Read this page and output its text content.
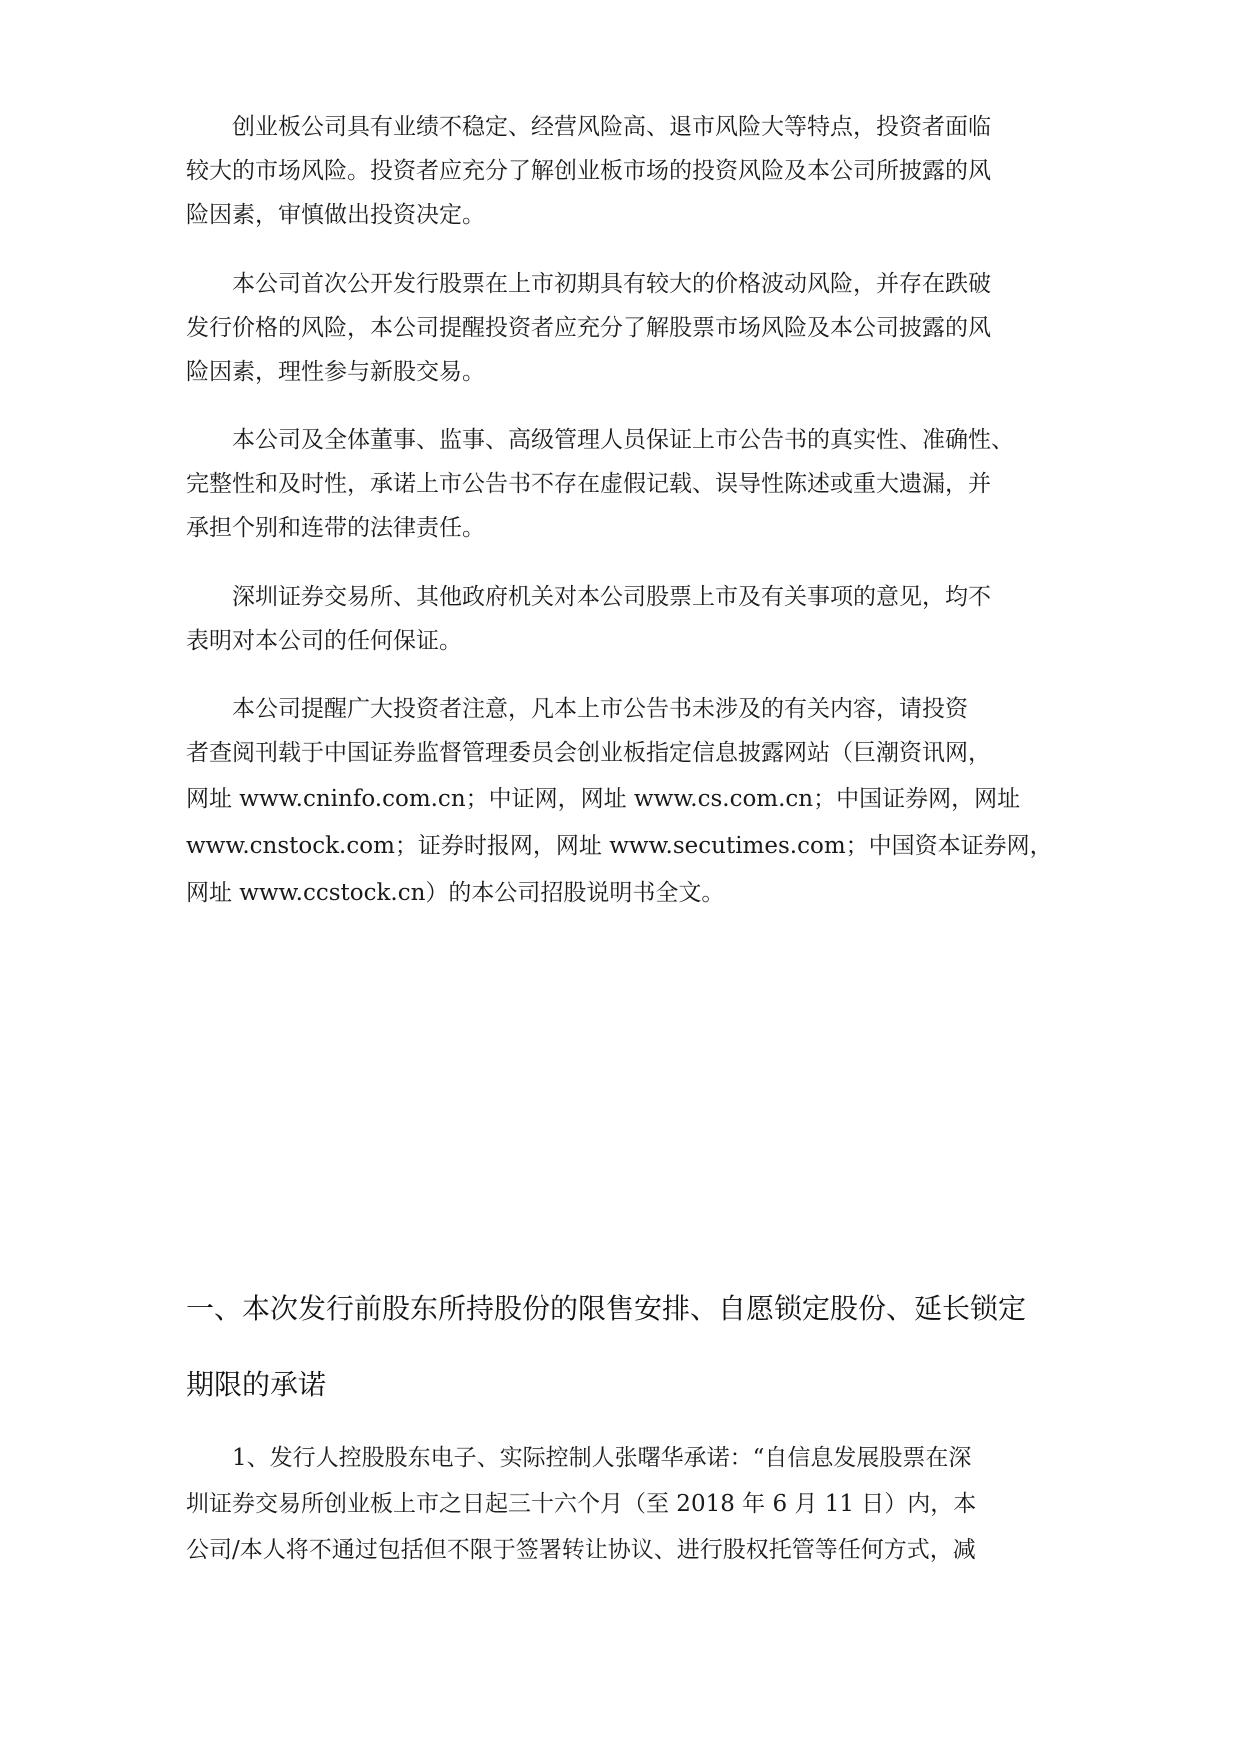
创业板公司具有业绩不稳定、经营风险高、退市风险大等特点，投资者面临
较大的市场风险。投资者应充分了解创业板市场的投资风险及本公司所披露的风
险因素，审慎做出投资决定。
本公司首次公开发行股票在上市初期具有较大的价格波动风险，并存在跌破
发行价格的风险，本公司提醒投资者应充分了解股票市场风险及本公司披露的风
险因素，理性参与新股交易。
本公司及全体董事、监事、高级管理人员保证上市公告书的真实性、准确性、
完整性和及时性，承诺上市公告书不存在虚假记载、误导性陈述或重大遗漏，并
承担个别和连带的法律责任。
深圳证券交易所、其他政府机关对本公司股票上市及有关事项的意见，均不
表明对本公司的任何保证。
本公司提醒广大投资者注意，凡本上市公告书未涉及的有关内容，请投资
者查阅刊载于中国证券监督管理委员会创业板指定信息披露网站（巨潮资讯网，
网址 www.cninfo.com.cn；中证网，网址 www.cs.com.cn；中国证券网，网址
www.cnstock.com；证券时报网，网址 www.secutimes.com；中国资本证券网，
网址 www.ccstock.cn）的本公司招股说明书全文。
一、本次发行前股东所持股份的限售安排、自愿锁定股份、延长锁定
期限的承诺
1、发行人控股股东电子、实际控制人张曙华承诺：“自信息发展股票在深
圳证券交易所创业板上市之日起三十六个月（至 2018 年 6 月 11 日）内，本
公司/本人将不通过包括但不限于签署转让协议、进行股权托管等任何方式，减
